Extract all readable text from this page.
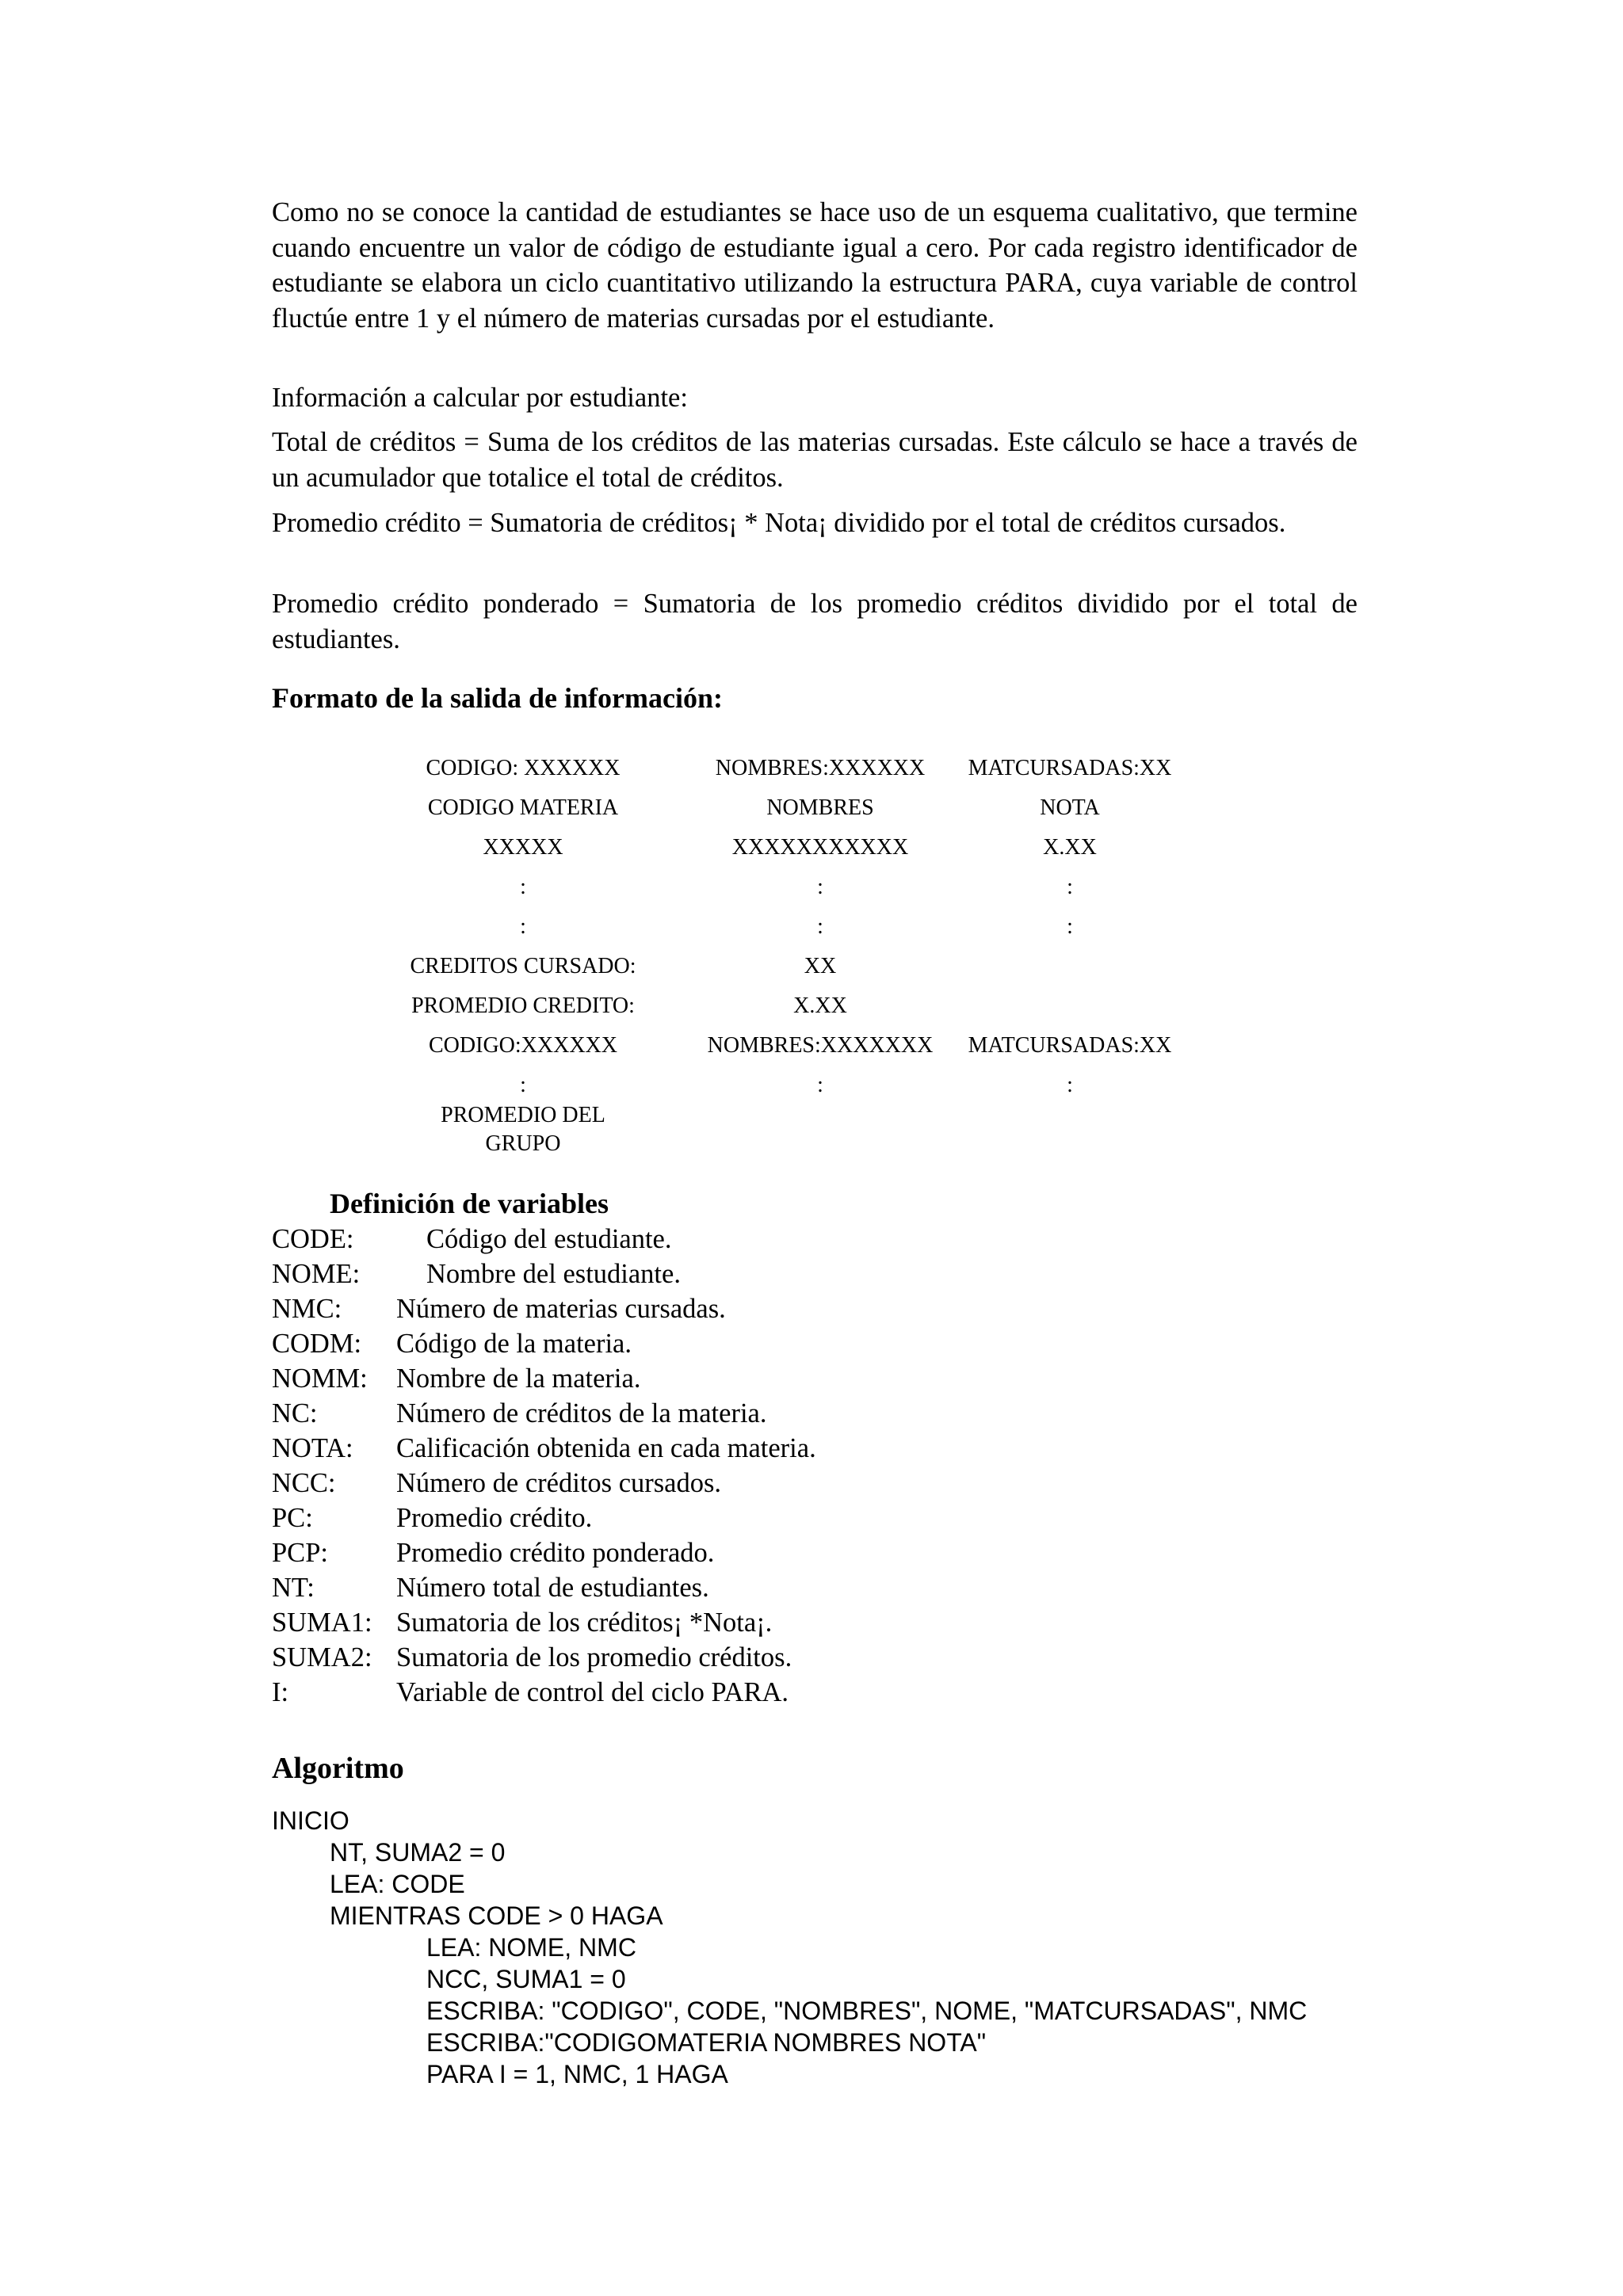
Como no se conoce la cantidad de estudiantes se hace uso de un esquema cualitativo, que termine cuando encuentre un valor de código de estudiante igual a cero. Por cada registro identificador de estudiante se elabora un ciclo cuantitativo utilizando la estructura PARA, cuya variable de control fluctúe entre 1 y el número de materias cursadas por el estudiante.

Información a calcular por estudiante:

Total de créditos = Suma de los créditos de las materias cursadas. Este cálculo se hace a través de un acumulador que totalice el total de créditos.

Promedio crédito = Sumatoria de créditos¡ * Nota¡ dividido por el total de créditos cursados.

Promedio crédito ponderado = Sumatoria de los promedio créditos dividido por el total de estudiantes.

Formato de la salida de información:

CODIGO: XXXXXX	NOMBRES:XXXXXX	MATCURSADAS:XX
CODIGO MATERIA	NOMBRES	NOTA
XXXXX	XXXXXXXXXXX	X.XX
:	:	:
:	:	:
CREDITOS CURSADO:	XX
PROMEDIO CREDITO:	X.XX
CODIGO:XXXXXX	NOMBRES:XXXXXXX	MATCURSADAS:XX
:	:	:
PROMEDIO DEL
GRUPO

Definición de variables

CODE:	Código del estudiante.
NOME: Nombre del estudiante.
NMC: Número de materias cursadas.
CODM: Código de la materia.
NOMM: Nombre de la materia.
NC:	Número de créditos de la materia.
NOTA: Calificación obtenida en cada materia.
NCC: Número de créditos cursados.
PC:	Promedio crédito.
PCP: Promedio crédito ponderado.
NT:	Número total de estudiantes.
SUMA1: Sumatoria de los créditos¡ *Nota¡.
SUMA2: Sumatoria de los promedio créditos.
I:	Variable de control del ciclo PARA.

Algoritmo

INICIO
NT, SUMA2 = 0
LEA: CODE
MIENTRAS CODE > 0 HAGA
LEA: NOME, NMC
NCC, SUMA1 = 0
ESCRIBA: "CODIGO", CODE, "NOMBRES", NOME, "MATCURSADAS", NMC
ESCRIBA:"CODIGOMATERIA NOMBRES NOTA"
PARA I = 1, NMC, 1 HAGA
